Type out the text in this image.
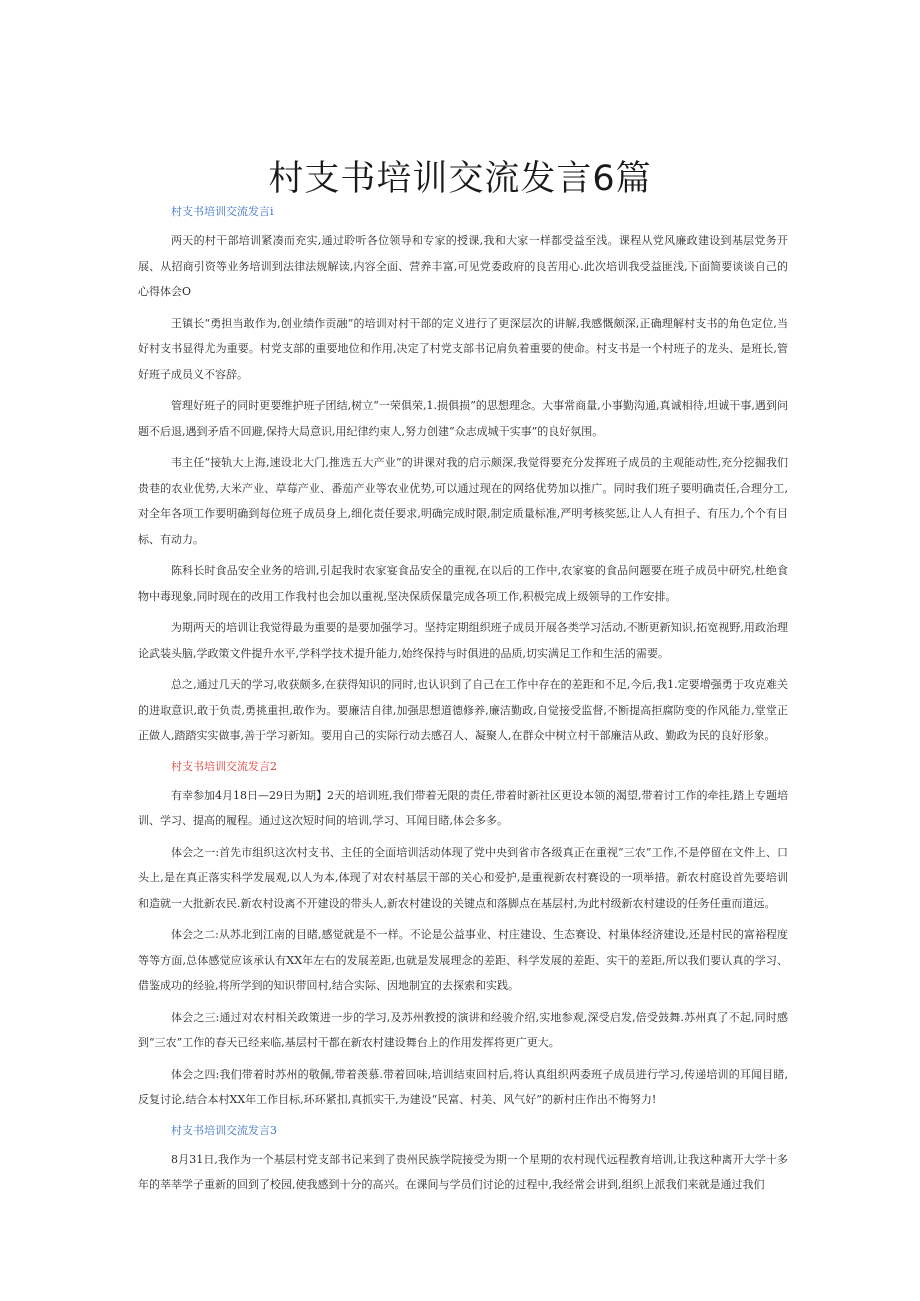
村支书培训交流发言6篇
村支书培训交流发言i

两天的村干部培训紧凑而充实,通过聆听各位领导和专家的授课,我和大家一样都受益至浅。课程从党风廉政建设到基层党务开展、从招商引资等业务培训到法律法规解读,内容全面、营养丰富,可见党委政府的良苦用心.此次培训我受益匪浅,下面简要谈谈自己的心得体会O

王镇长“勇担当敢作为,创业绩作贡融”的培训对村干部的定义进行了更深层次的讲解,我感慨颇深,正确理解村支书的角色定位,当好村支书显得尤为重要。村党支部的重要地位和作用,决定了村党支部书记肩负着重要的使命。村支书是一个村班子的龙头、是班长,管好班子成员义不容辞。

管理好班子的同时更要维护班子团结,树立“一荣俱荣,1.损俱损”的思想理念。大事常商量,小事勤沟通,真诚相待,坦诚干事,遇到问题不后退,遇到矛盾不回避,保持大局意识,用纪律约束人,努力创建“众志成城干实事”的良好氛围。

韦主任“接轨大上海,速设北大门,推选五大产业”的讲课对我的启示颇深,我觉得要充分发挥班子成员的主观能动性,充分挖掘我们贵巷的农业优势,大米产业、草莓产业、番茄产业等农业优势,可以通过现在的网络优势加以推广。同时我们班子要明确责任,合理分工,对全年各项工作要明确到每位班子成员身上,细化责任要求,明确完成时限,制定质量标准,严明考核奖惩,让人人有担子、有压力,个个有目标、有动力。

陈科长时食品安全业务的培训,引起我时农家宴食品安全的重视,在以后的工作中,农家宴的食品问题要在班子成员中研究,杜绝食物中毒现象,同时现在的改用工作我村也会加以重视,坚决保质保量完成各项工作,积极完成上级领导的工作安排。

为期两天的培训让我觉得最为重要的是要加强学习。坚持定期组织班子成员开展各类学习活动,不断更新知识,拓宽视野,用政治理论武装头脑,学政策文件提升水平,学科学技术提升能力,始终保持与时俱进的品质,切实满足工作和生活的需要。

总之,通过几天的学习,收获颇多,在获得知识的同时,也认识到了自己在工作中存在的差距和不足,今后,我1.定要增强勇于攻克难关的进取意识,敢于负责,勇挑重担,敢作为。要廉洁自律,加强思想道德修养,廉洁勤政,自觉接受监督,不断提高拒腐防变的作风能力,堂堂正正做人,踏踏实实做事,善于学习新知。要用自己的实际行动去感召人、凝聚人,在群众中树立村干部廉洁从政、勤政为民的良好形象。

村支书培训交流发言2

有幸参加4月18日—29日为期】2天的培训班,我们带着无限的责任,带着时新社区更设本领的渴望,带着讨工作的牵挂,踏上专题培训、学习、提高的履程。通过这次短时间的培训,学习、耳闻目睹,体会多多。

体会之一:首先市组织这次村支书、主任的全面培训活动体现了党中央到省市各级真正在重视“三农”工作,不是停留在文件上、口头上,是在真正落实科学发展观,以人为本,体现了对农村基层干部的关心和爱护,是重视新农村赛设的一项举措。新农村庭设首先要培训和造就一大批新农民.新农村设离不开建设的带头人,新农村建设的关键点和落脚点在基层村,为此村级新农村建设的任务任重而道远。

体会之二:从苏北到江南的目睹,感觉就是不一样。不论是公益事业、村庄建设、生态赛设、村巢体经济建设,还是村民的富裕程度等等方面,总体感觉应该承认有XX年左右的发展差距,也就是发展理念的差距、科学发展的差距、实干的差距,所以我们要认真的学习、借鉴成功的经验,将所学到的知识带回村,结合实际、因地制宜的去探索和实践。

体会之三:通过对农村相关政策进一步的学习,及苏州教授的演讲和经骏介绍,实地参观,深受启发,倍受鼓舞.苏州真了不起,同时感到“三农”工作的春天已经来临,基层村干都在新农村建设舞台上的作用发挥将更广更大。

体会之四:我们带着时苏州的敬佩,带着羡慕.带着回味,培训结束回村后,将认真组织两委班子成员进行学习,传递培训的耳闻目睹,反复讨论,结合本村XX年工作目标,环环紧扣,真抓实干,为建设“民富、村美、风气好”的新村庄作出不悔努力!

村支书培训交流发言3

8月31日,我作为一个基层村党支部书记来到了贵州民族学院接受为期一个星期的农村现代远程教育培训,让我这种离开大学十多年的莘莘学子重新的回到了校园,使我感到十分的高兴。在课间与学员们讨论的过程中,我经常会讲到,组织上派我们来就是通过我们
